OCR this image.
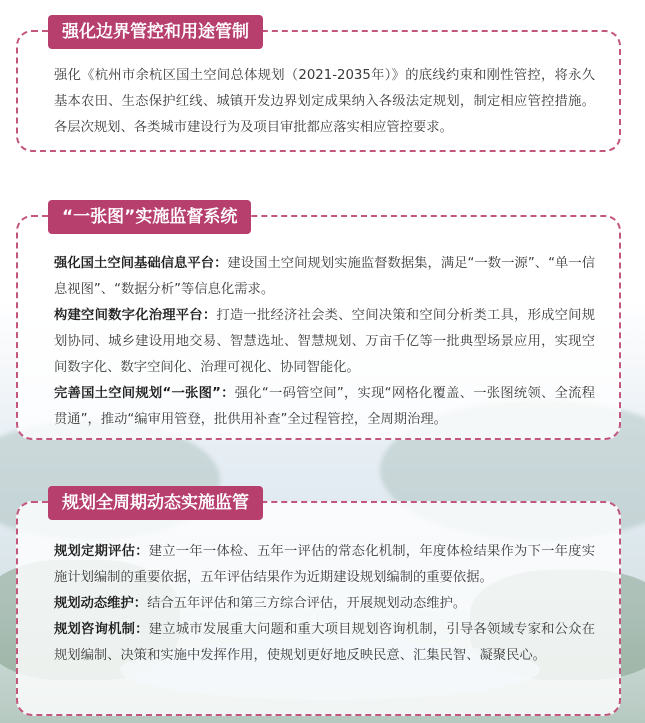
强化边界管控和用途管制

强化《杭州市余杭区国土空间总体规划（2021-2035年）》的底线约束和刚性管控，将永久基本农田、生态保护红线、城镇开发边界划定成果纳入各级法定规划，制定相应管控措施。各层次规划、各类城市建设行为及项目审批都应落实相应管控要求。

“一张图”实施监督系统

强化国土空间基础信息平台：建设国土空间规划实施监督数据集，满足“一数一源”、“单一信息视图”、“数据分析”等信息化需求。

构建空间数字化治理平台：打造一批经济社会类、空间决策和空间分析类工具，形成空间规划协同、城乡建设用地交易、智慧选址、智慧规划、万亩千亿等一批典型场景应用，实现空间数字化、数字空间化、治理可视化、协同智能化。

完善国土空间规划“一张图”：强化“一码管空间”，实现“网格化覆盖、一张图统领、全流程贯通”，推动“编审用管登，批供用补查”全过程管控，全周期治理。

规划全周期动态实施监管

规划定期评估：建立一年一体检、五年一评估的常态化机制，年度体检结果作为下一年度实施计划编制的重要依据，五年评估结果作为近期建设规划编制的重要依据。

规划动态维护：结合五年评估和第三方综合评估，开展规划动态维护。

规划咨询机制：建立城市发展重大问题和重大项目规划咨询机制，引导各领域专家和公众在规划编制、决策和实施中发挥作用，使规划更好地反映民意、汇集民智、凝聚民心。
